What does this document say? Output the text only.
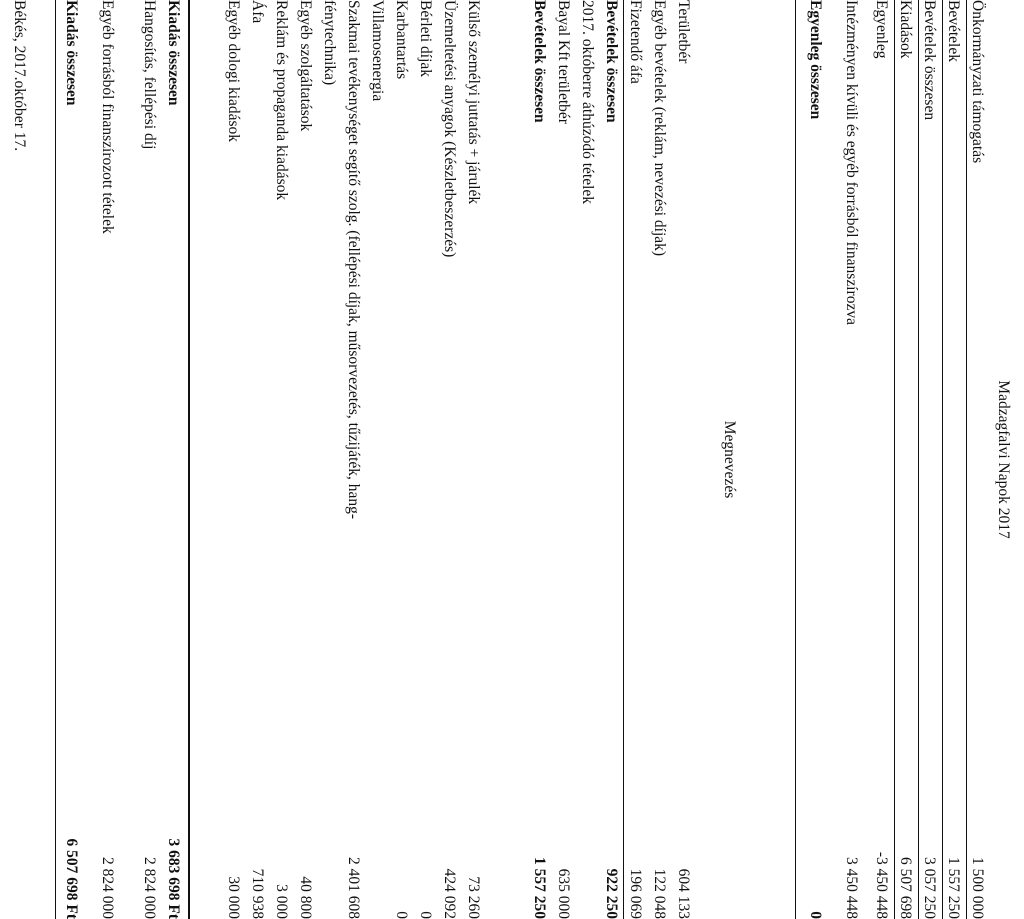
Madzagfalvi Napok 2017
Önkormányzati támogatás
1 500 000
Bevételek
1 557 250
Bevételek összesen
3 057 250
Kiadások
6 507 698
Egyenleg
-3 450 448
Intézményen kívüli és egyéb forrásból finanszírozva
3 450 448
Egyenleg összesen
0
Megnevezés
Területbér
604 133
Egyéb bevételek (reklám, nevezési díjak)
122 048
Fizetendő áfa
196 069
Bevételek összesen
922 250
2017. októberre áthúzódó tételek
Bayal Kft területbér
635 000
Bevételek összesen
1 557 250
Külső személyi juttatás + járulék
73 260
Üzemeltetési anyagok (Készletbeszerzés)
424 092
Bérleti díjak
0
Karbantartás
0
Villamosenergia
Szakmai tevékenységet segítő szolg. (fellépési díjak, műsorvezetés, tűzijáték, hang-
2 401 608
fénytechnika)
Egyéb szolgáltatások
40 800
Reklám és propaganda kiadások
3 000
Áfa
710 938
Egyéb dologi kiadások
30 000
Kiadás összesen
3 683 698 Ft
Hangosítás, fellépési díj
2 824 000
Egyéb forrásból finanszírozott tételek
2 824 000
Kiadás összesen
6 507 698 Ft
Békés, 2017.október 17.
